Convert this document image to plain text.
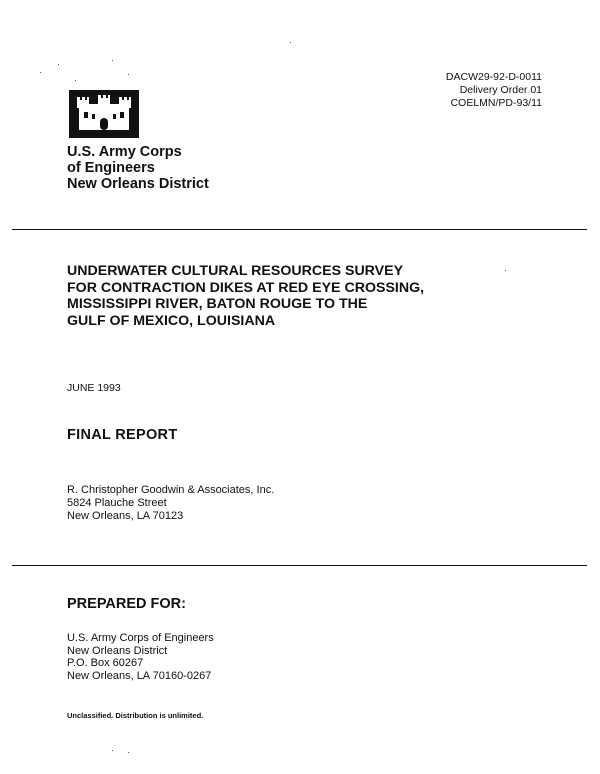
U.S. Army Corps
of Engineers
New Orleans District
DACW29-92-D-0011
Delivery Order 01
COELMN/PD-93/11
UNDERWATER CULTURAL RESOURCES SURVEY
FOR CONTRACTION DIKES AT RED EYE CROSSING,
MISSISSIPPI RIVER, BATON ROUGE TO THE
GULF OF MEXICO, LOUISIANA
JUNE 1993
FINAL REPORT
R. Christopher Goodwin & Associates, Inc.
5824 Plauche Street
New Orleans, LA 70123
PREPARED FOR:
U.S. Army Corps of Engineers
New Orleans District
P.O. Box 60267
New Orleans, LA 70160-0267
Unclassified. Distribution is unlimited.
